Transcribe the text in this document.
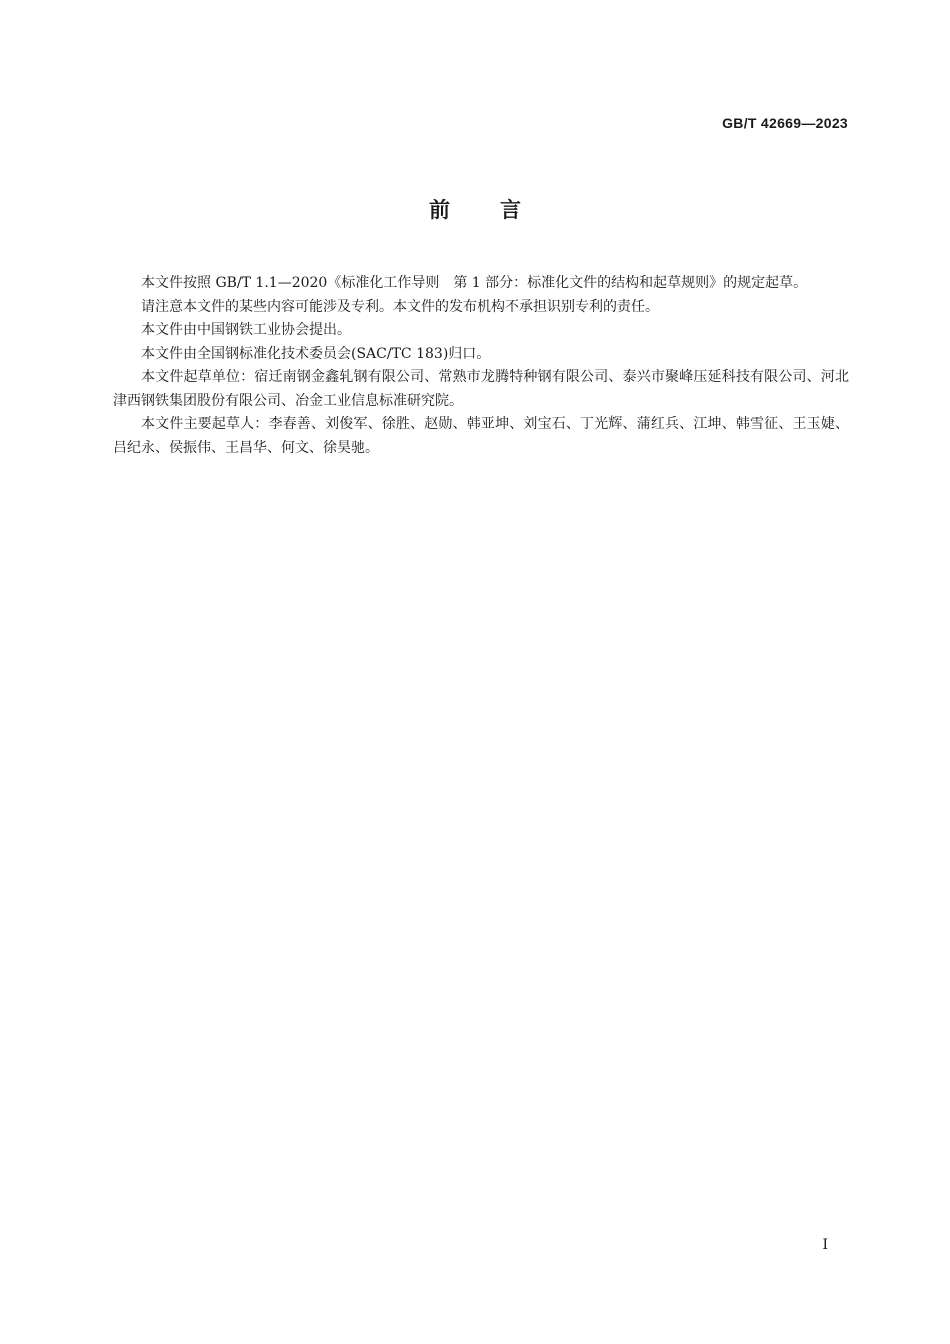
GB/T 42669—2023
前言

本文件按照 GB/T 1.1—2020《标准化工作导则　第 1 部分：标准化文件的结构和起草规则》的规定起草。

请注意本文件的某些内容可能涉及专利。本文件的发布机构不承担识别专利的责任。

本文件由中国钢铁工业协会提出。

本文件由全国钢标准化技术委员会(SAC/TC 183)归口。

本文件起草单位：宿迁南钢金鑫轧钢有限公司、常熟市龙腾特种钢有限公司、泰兴市聚峰压延科技有限公司、河北津西钢铁集团股份有限公司、冶金工业信息标准研究院。

本文件主要起草人：李春善、刘俊军、徐胜、赵勋、韩亚坤、刘宝石、丁光辉、蒲红兵、江坤、韩雪征、王玉婕、吕纪永、侯振伟、王昌华、何文、徐昊驰。

I
